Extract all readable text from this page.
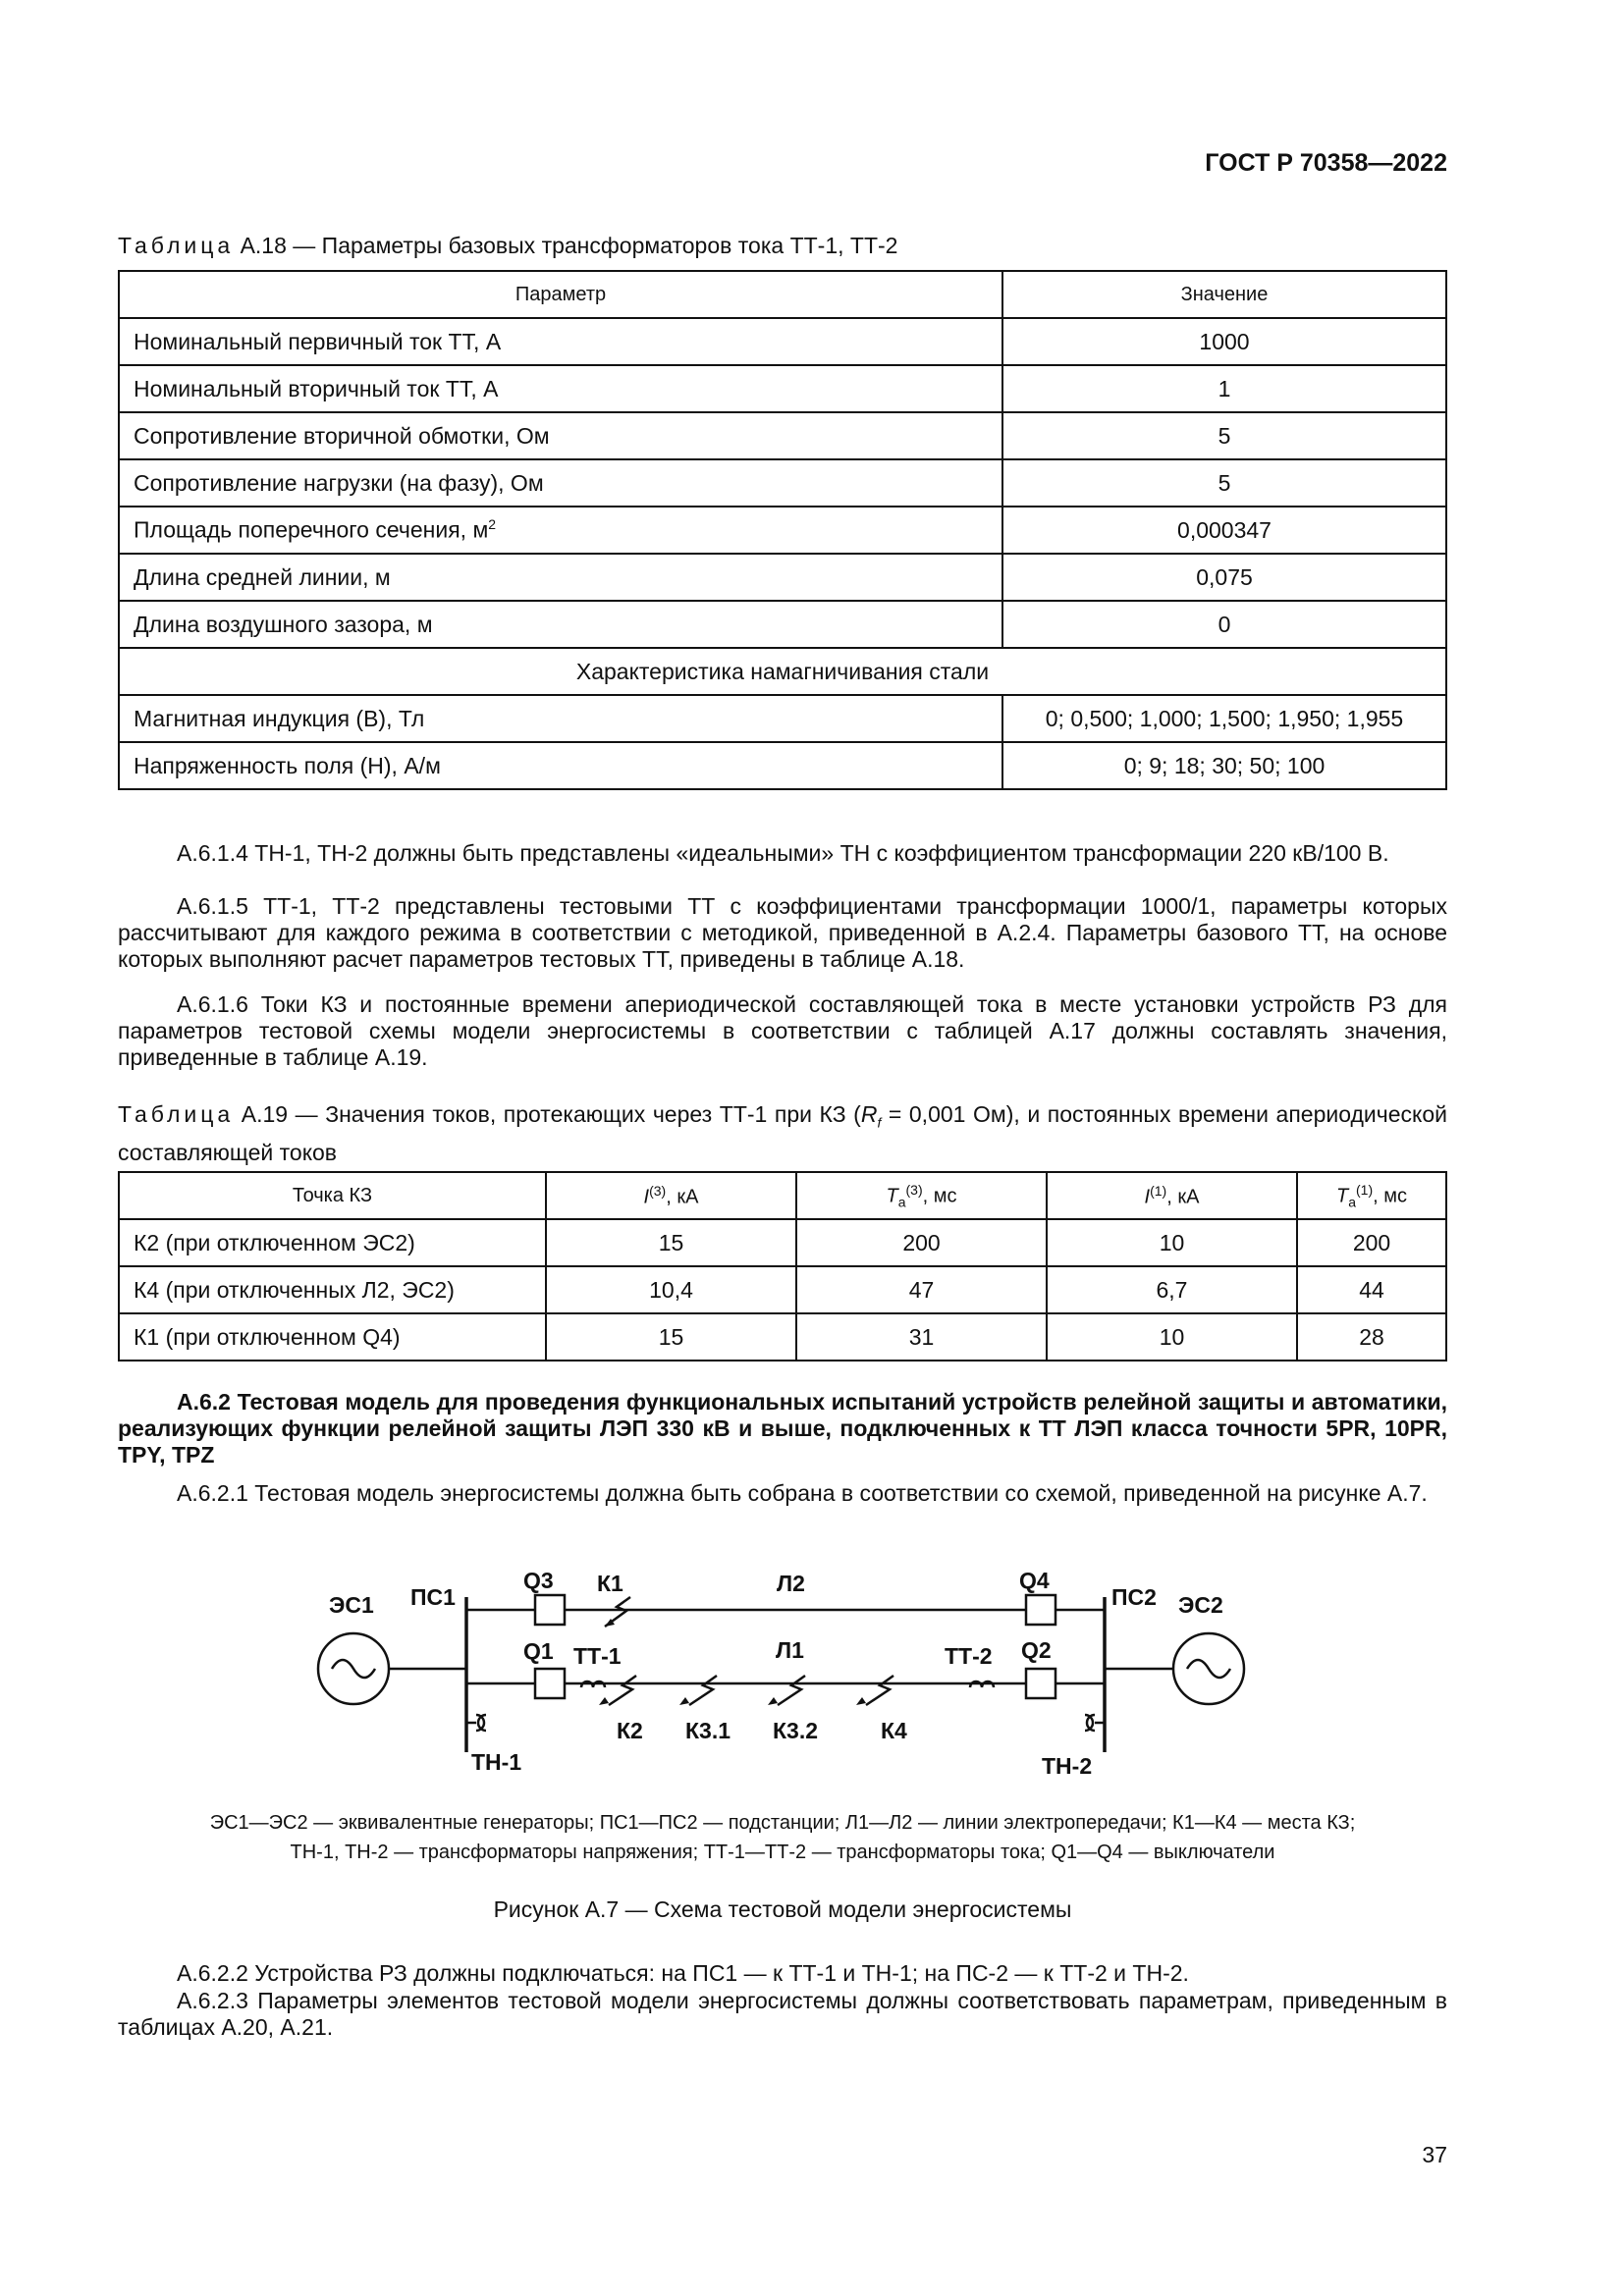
ГОСТ Р 70358—2022
Таблица А.18 — Параметры базовых трансформаторов тока ТТ-1, ТТ-2
Параметр	Значение
Номинальный первичный ток ТТ, А	1000
Номинальный вторичный ток ТТ, А	1
Сопротивление вторичной обмотки, Ом	5
Сопротивление нагрузки (на фазу), Ом	5
Площадь поперечного сечения, $м^2$	0,000347
Длина средней линии, м	0,075
Длина воздушного зазора, м	0
Характеристика намагничивания стали	
Магнитная индукция (В), Тл	0; 0,500; 1,000; 1,500; 1,950; 1,955
Напряженность поля (Н), А/м	0; 9; 18; 30; 50; 100
А.6.1.4 ТН-1, ТН-2 должны быть представлены «идеальными» ТН с коэффициентом трансформации 220 кВ/100 В.
А.6.1.5 ТТ-1, ТТ-2 представлены тестовыми ТТ с коэффициентами трансформации 1000/1, параметры которых рассчитывают для каждого режима в соответствии с методикой, приведенной в А.2.4. Параметры базового ТТ, на основе которых выполняют расчет параметров тестовых ТТ, приведены в таблице А.18.
А.6.1.6 Токи КЗ и постоянные времени апериодической составляющей тока в месте установки устройств РЗ для параметров тестовой схемы модели энергосистемы в соответствии с таблицей А.17 должны составлять значения, приведенные в таблице А.19.
Таблица А.19 — Значения токов, протекающих через ТТ-1 при КЗ ($R_f = 0,001$ Ом), и постоянных времени апериодической составляющей токов
Точка КЗ	$I^{(3)}$, кА	$T_a^{(3)}$, мс	$I^{(1)}$, кА	$T_a^{(1)}$, мс
К2 (при отключенном ЭС2)	15	200	10	200
К4 (при отключенных Л2, ЭС2)	10,4	47	6,7	44
К1 (при отключенном Q4)	15	31	10	28
А.6.2 Тестовая модель для проведения функциональных испытаний устройств релейной защиты и автоматики, реализующих функции релейной защиты ЛЭП 330 кВ и выше, подключенных к ТТ ЛЭП класса точности 5PR, 10PR, TPY, TPZ
А.6.2.1 Тестовая модель энергосистемы должна быть собрана в соответствии со схемой, приведенной на рисунке А.7.
ЭС1 ПС1
Q3 К1	Л2	Q4
ПС2 ЭС2
Q1 ТТ-1	Л1	ТТ-2 Q2
К2 К3.1 К3.2	К4
ТН-1	ТН-2
ЭС1—ЭС2 — эквивалентные генераторы; ПС1—ПС2 — подстанции; Л1—Л2 — линии электропередачи; К1—К4 — места КЗ;
ТН-1, ТН-2 — трансформаторы напряжения; ТТ-1—ТТ-2 — трансформаторы тока; Q1—Q4 — выключатели
Рисунок А.7 — Схема тестовой модели энергосистемы
А.6.2.2 Устройства РЗ должны подключаться: на ПС1 — к ТТ-1 и ТН-1; на ПС-2 — к ТТ-2 и ТН-2.
А.6.2.3 Параметры элементов тестовой модели энергосистемы должны соответствовать параметрам, приведенным в таблицах А.20, А.21.
37
